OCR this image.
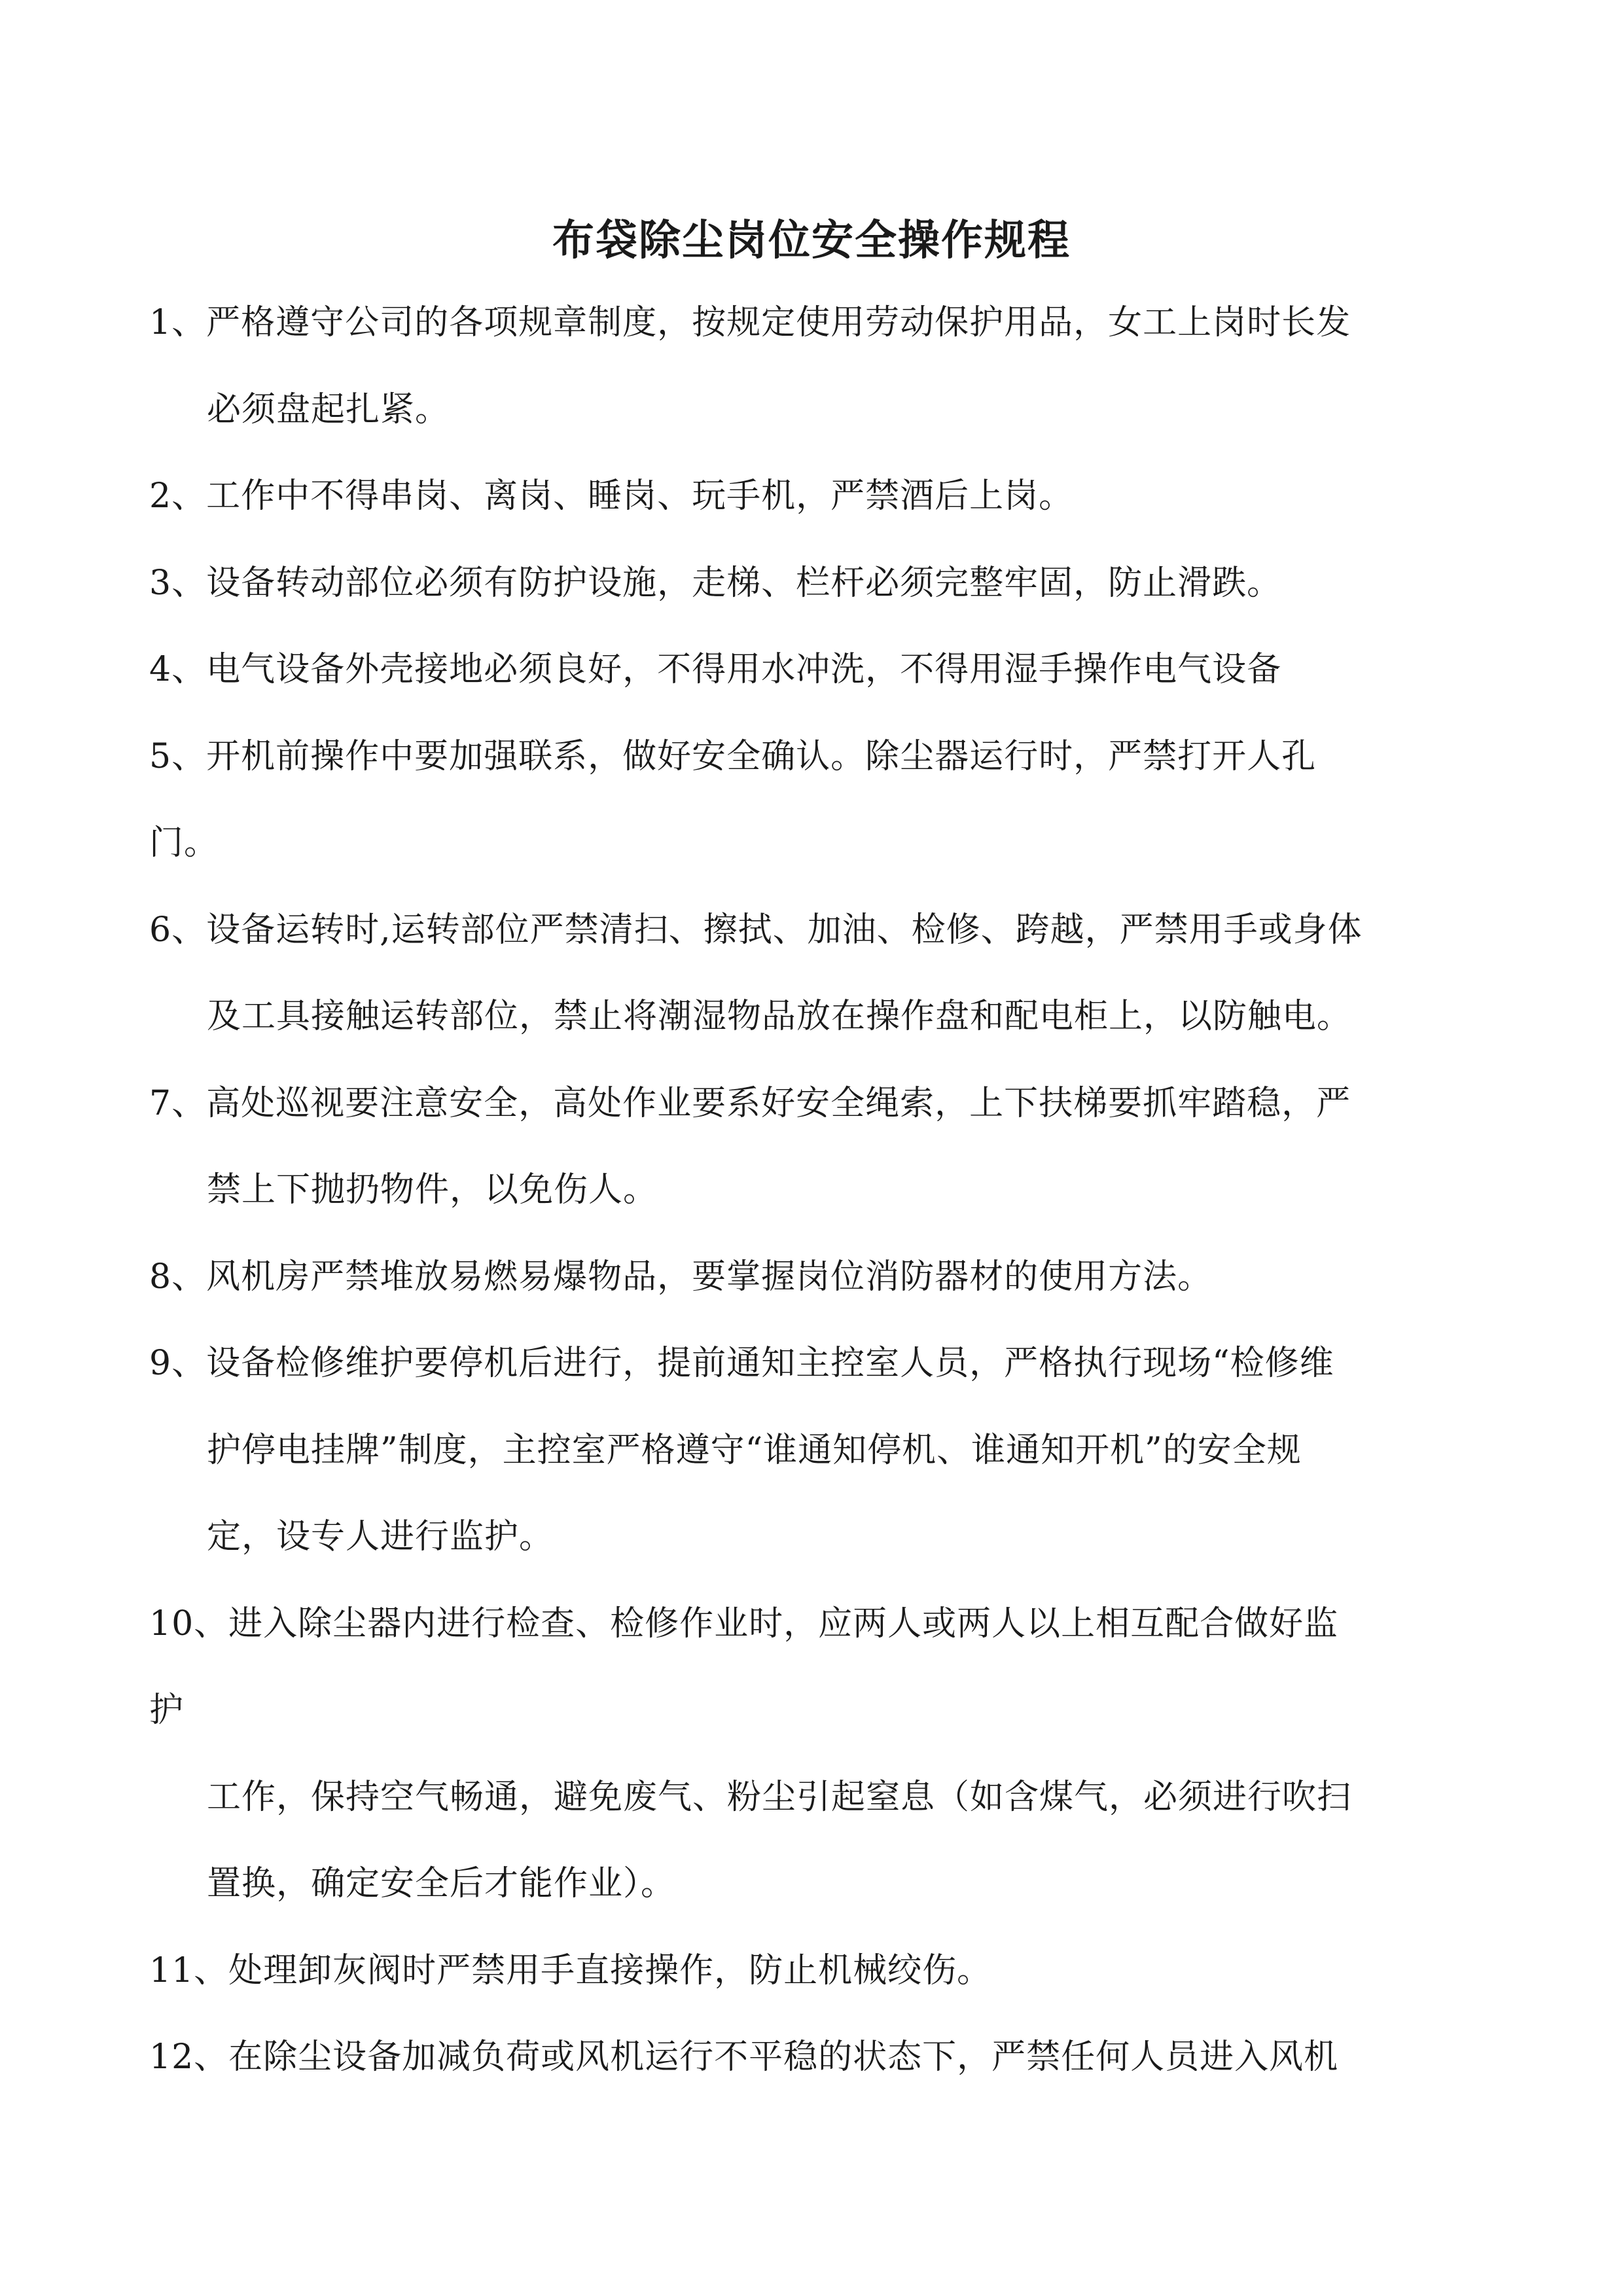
布袋除尘岗位安全操作规程
1、严格遵守公司的各项规章制度，按规定使用劳动保护用品，女工上岗时长发
必须盘起扎紧。
2、工作中不得串岗、离岗、睡岗、玩手机，严禁酒后上岗。
3、设备转动部位必须有防护设施，走梯、栏杆必须完整牢固，防止滑跌。
4、电气设备外壳接地必须良好，不得用水冲洗，不得用湿手操作电气设备
5、开机前操作中要加强联系，做好安全确认。除尘器运行时，严禁打开人孔
门。
6、设备运转时,运转部位严禁清扫、擦拭、加油、检修、跨越，严禁用手或身体
及工具接触运转部位，禁止将潮湿物品放在操作盘和配电柜上，以防触电。
7、高处巡视要注意安全，高处作业要系好安全绳索，上下扶梯要抓牢踏稳，严
禁上下抛扔物件，以免伤人。
8、风机房严禁堆放易燃易爆物品，要掌握岗位消防器材的使用方法。
9、设备检修维护要停机后进行，提前通知主控室人员，严格执行现场“检修维
护停电挂牌”制度，主控室严格遵守“谁通知停机、谁通知开机”的安全规
定，设专人进行监护。
10、进入除尘器内进行检查、检修作业时，应两人或两人以上相互配合做好监
护
工作，保持空气畅通，避免废气、粉尘引起窒息（如含煤气，必须进行吹扫
置换，确定安全后才能作业）。
11、处理卸灰阀时严禁用手直接操作，防止机械绞伤。
12、在除尘设备加减负荷或风机运行不平稳的状态下，严禁任何人员进入风机
